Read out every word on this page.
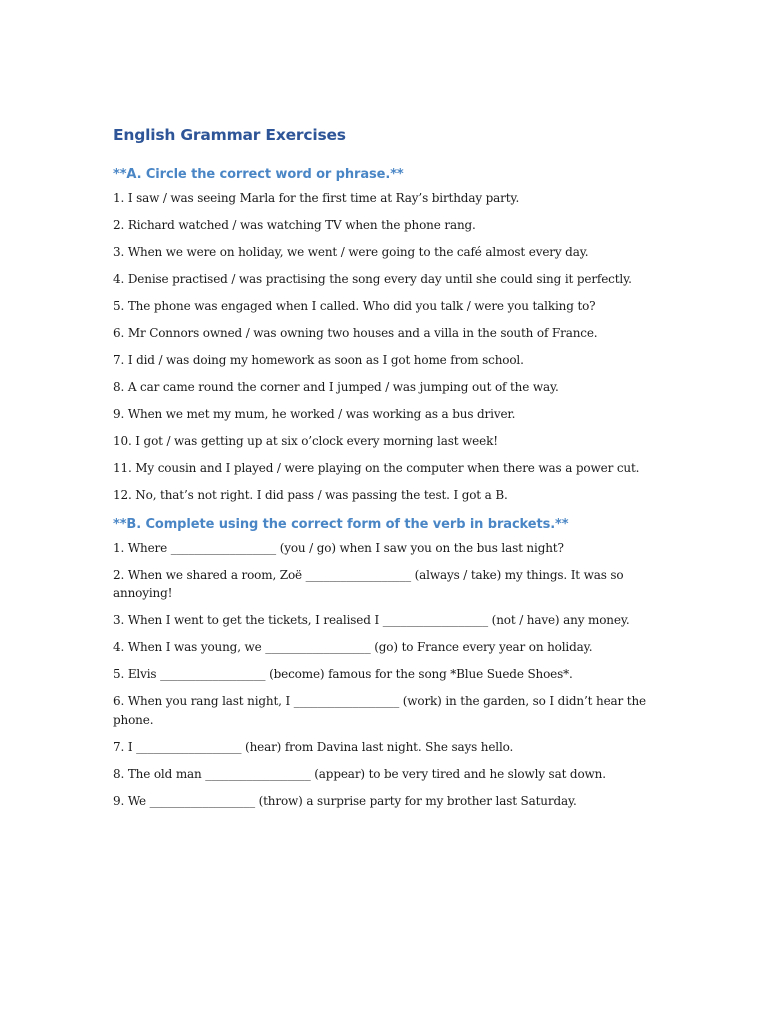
English Grammar Exercises
**A. Circle the correct word or phrase.**
1. I saw / was seeing Marla for the first time at Ray’s birthday party.
2. Richard watched / was watching TV when the phone rang.
3. When we were on holiday, we went / were going to the café almost every day.
4. Denise practised / was practising the song every day until she could sing it perfectly.
5. The phone was engaged when I called. Who did you talk / were you talking to?
6. Mr Connors owned / was owning two houses and a villa in the south of France.
7. I did / was doing my homework as soon as I got home from school.
8. A car came round the corner and I jumped / was jumping out of the way.
9. When we met my mum, he worked / was working as a bus driver.
10. I got / was getting up at six o’clock every morning last week!
11. My cousin and I played / were playing on the computer when there was a power cut.
12. No, that’s not right. I did pass / was passing the test. I got a B.
**B. Complete using the correct form of the verb in brackets.**
1. Where __________________ (you / go) when I saw you on the bus last night?
2. When we shared a room, Zoë __________________ (always / take) my things. It was so annoying!
3. When I went to get the tickets, I realised I __________________ (not / have) any money.
4. When I was young, we __________________ (go) to France every year on holiday.
5. Elvis __________________ (become) famous for the song *Blue Suede Shoes*.
6. When you rang last night, I __________________ (work) in the garden, so I didn’t hear the phone.
7. I __________________ (hear) from Davina last night. She says hello.
8. The old man __________________ (appear) to be very tired and he slowly sat down.
9. We __________________ (throw) a surprise party for my brother last Saturday.
